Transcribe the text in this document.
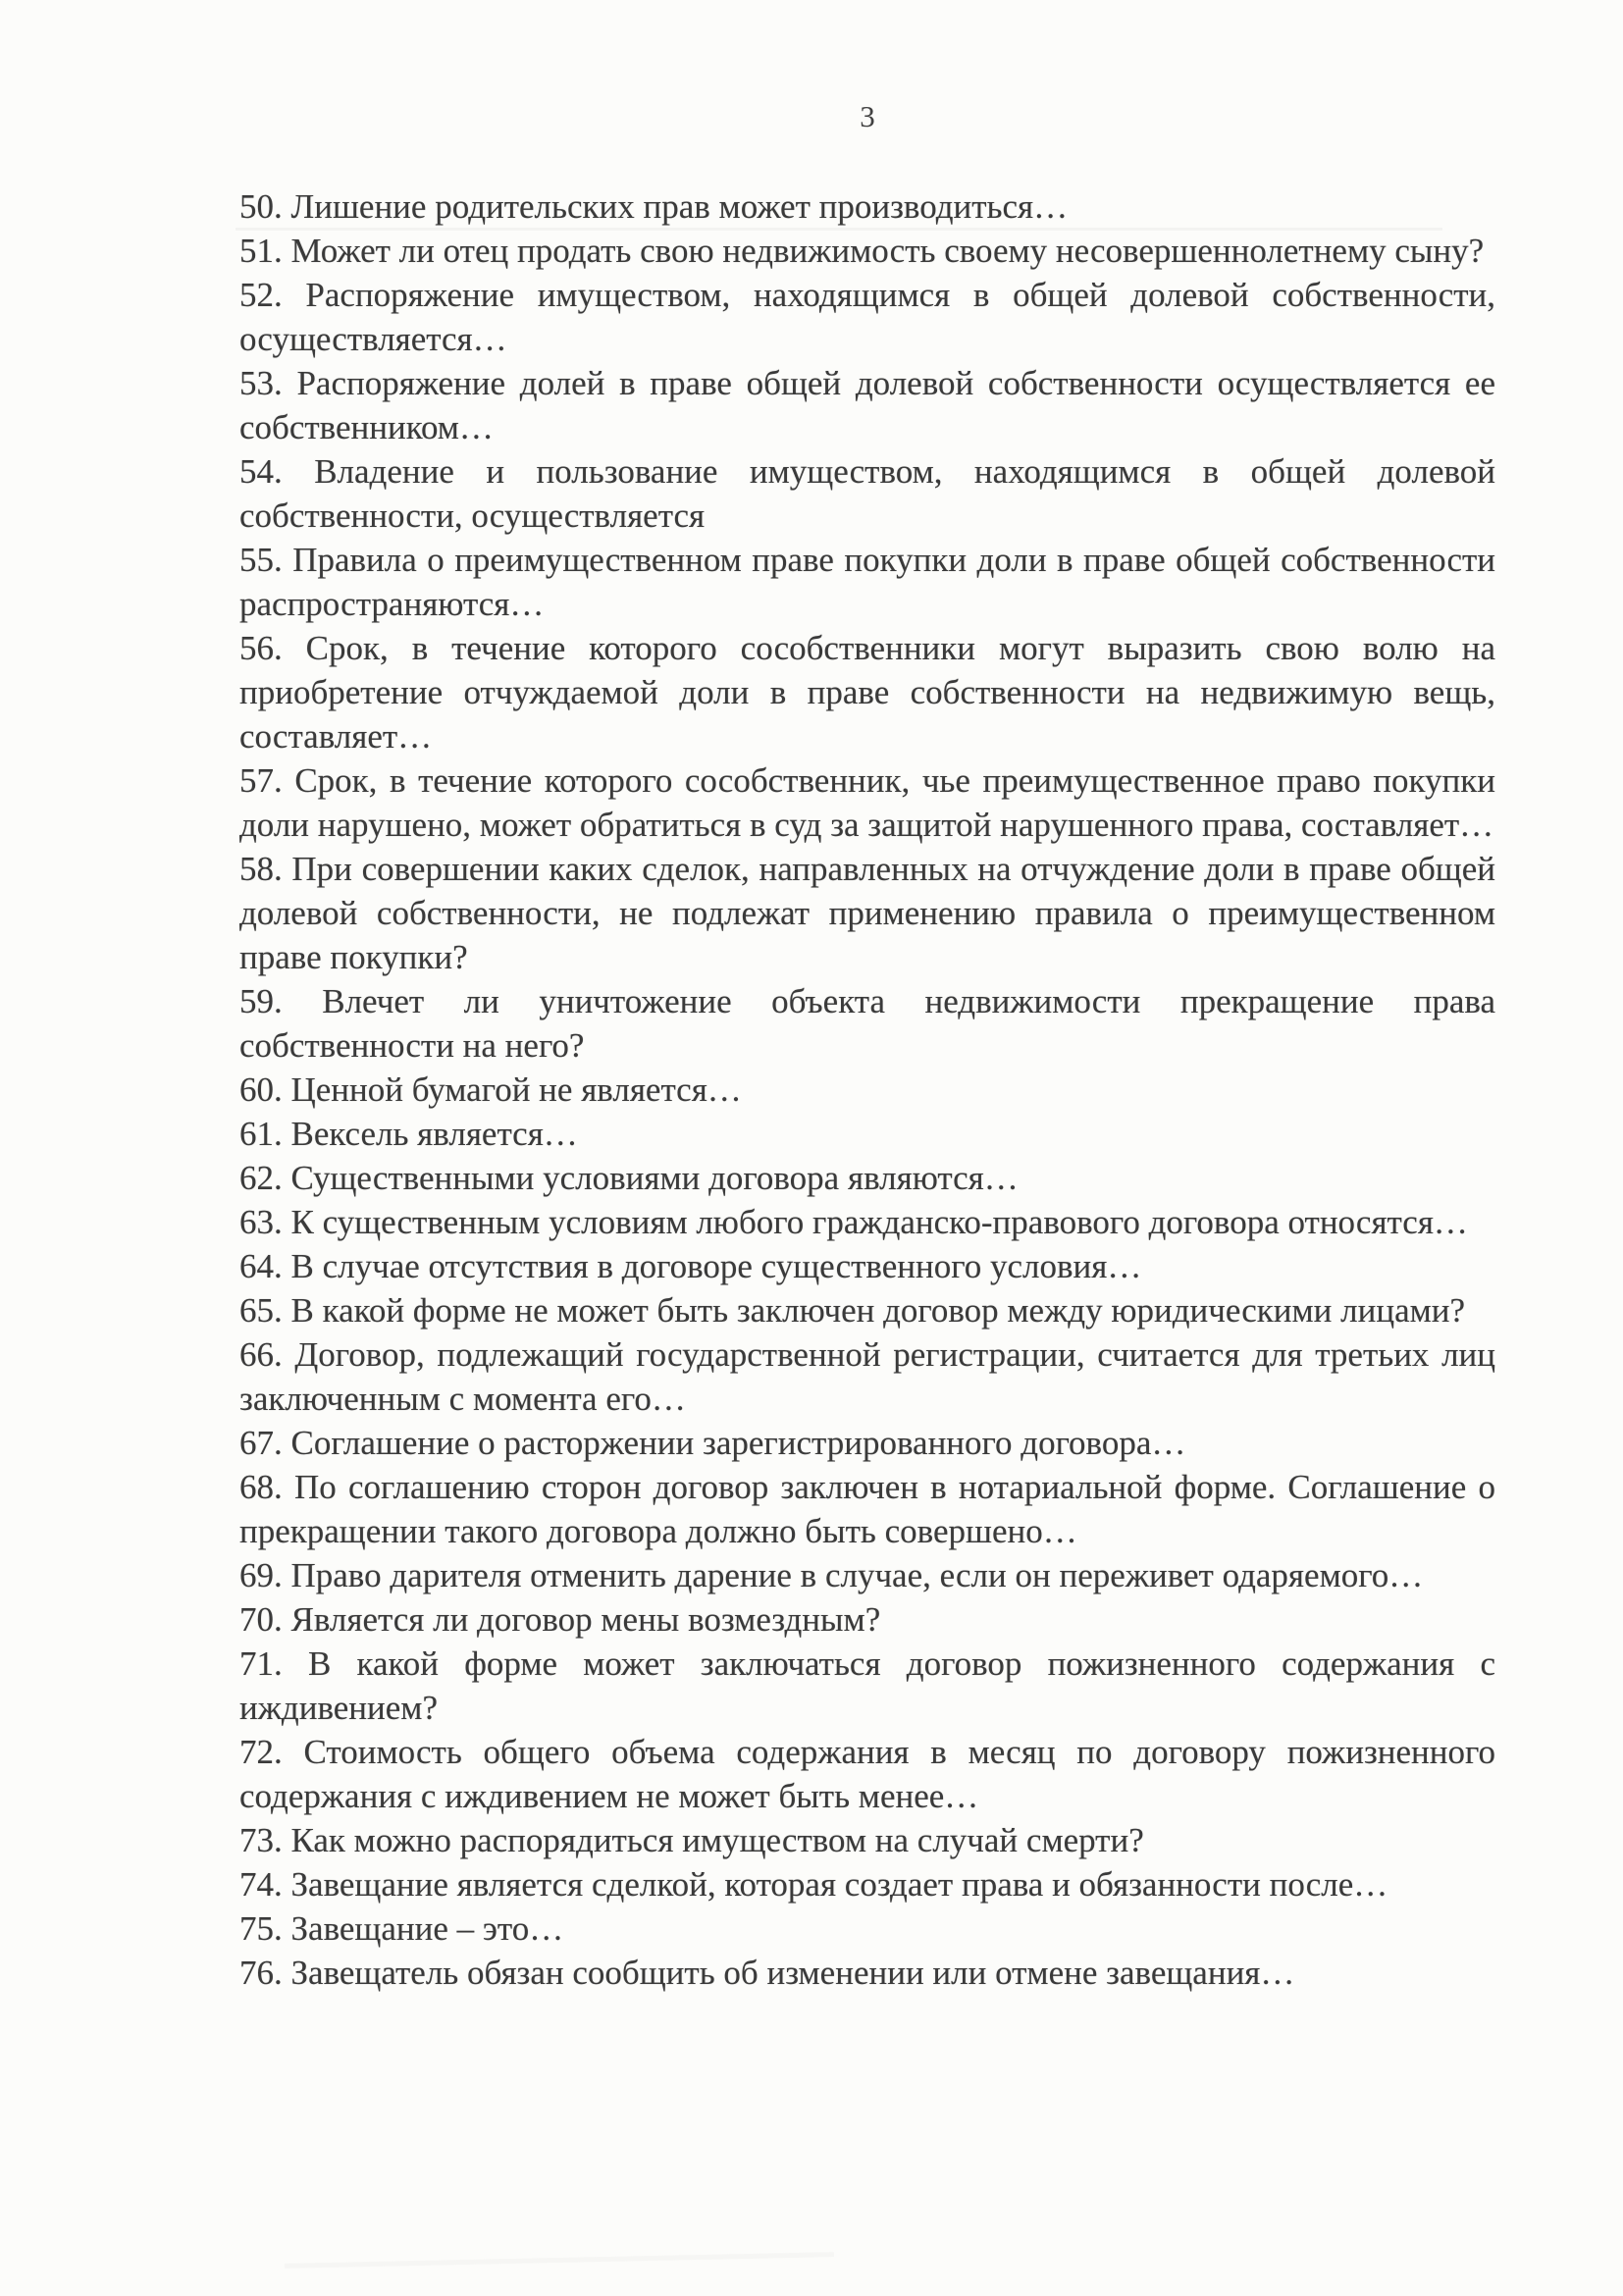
3

50. Лишение родительских прав может производиться…

51. Может ли отец продать свою недвижимость своему несовершеннолетнему сыну?

52. Распоряжение имуществом, находящимся в общей долевой собственности, осуществляется…

53. Распоряжение долей в праве общей долевой собственности осуществляется ее собственником…

54. Владение и пользование имуществом, находящимся в общей долевой собственности, осуществляется

55. Правила о преимущественном праве покупки доли в праве общей собственности распространяются…

56. Срок, в течение которого сособственники могут выразить свою волю на приобретение отчуждаемой доли в праве собственности на недвижимую вещь, составляет…

57. Срок, в течение которого сособственник, чье преимущественное право покупки доли нарушено, может обратиться в суд за защитой нарушенного права, составляет…

58. При совершении каких сделок, направленных на отчуждение доли в праве общей долевой собственности, не подлежат применению правила о преимущественном праве покупки?

59. Влечет ли уничтожение объекта недвижимости прекращение права собственности на него?

60. Ценной бумагой не является…

61. Вексель является…

62. Существенными условиями договора являются…

63. К существенным условиям любого гражданско-правового договора относятся…

64. В случае отсутствия в договоре существенного условия…

65. В какой форме не может быть заключен договор между юридическими лицами?

66. Договор, подлежащий государственной регистрации, считается для третьих лиц заключенным с момента его…

67. Соглашение о расторжении зарегистрированного договора…

68. По соглашению сторон договор заключен в нотариальной форме. Соглашение о прекращении такого договора должно быть совершено…

69. Право дарителя отменить дарение в случае, если он переживет одаряемого…

70. Является ли договор мены возмездным?

71. В какой форме может заключаться договор пожизненного содержания с иждивением?

72. Стоимость общего объема содержания в месяц по договору пожизненного содержания с иждивением не может быть менее…

73. Как можно распорядиться имуществом на случай смерти?

74. Завещание является сделкой, которая создает права и обязанности после…

75. Завещание – это…

76. Завещатель обязан сообщить об изменении или отмене завещания…
